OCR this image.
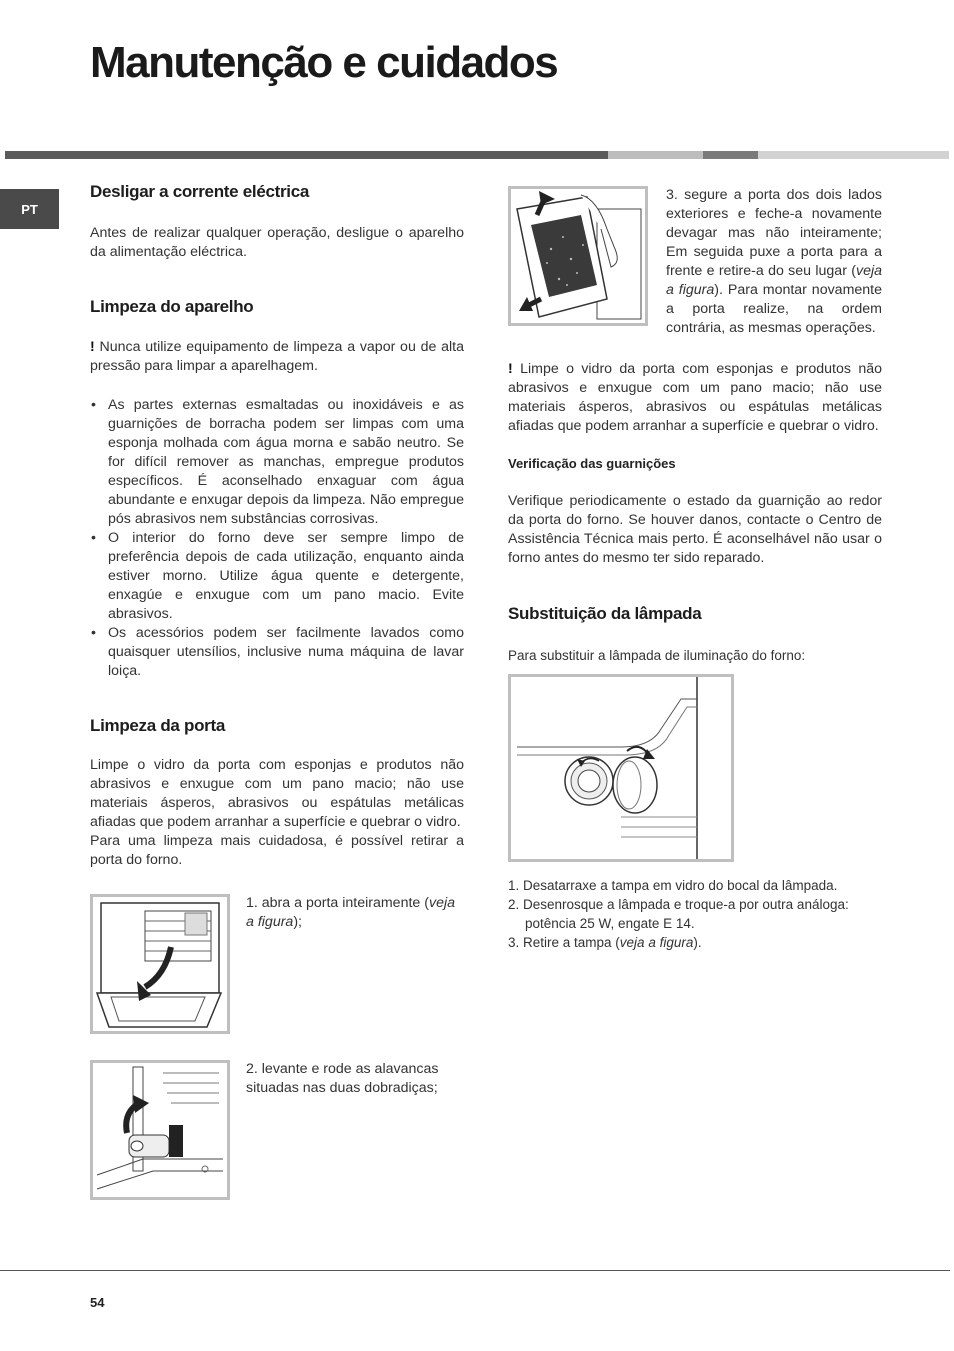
Manutenção e cuidados
PT
Desligar a corrente eléctrica

Antes de realizar qualquer operação, desligue o aparelho da alimentação eléctrica.

Limpeza do aparelho

! Nunca utilize equipamento de limpeza a vapor ou de alta pressão para limpar a aparelhagem.

• As partes externas esmaltadas ou inoxidáveis e as guarnições de borracha podem ser limpas com uma esponja molhada com água morna e sabão neutro. Se for difícil remover as manchas, empregue produtos específicos. É aconselhado enxaguar com água abundante e enxugar depois da limpeza. Não empregue pós abrasivos nem substâncias corrosivas.
• O interior do forno deve ser sempre limpo de preferência depois de cada utilização, enquanto ainda estiver morno. Utilize água quente e detergente, enxagúe e enxugue com um pano macio. Evite abrasivos.
• Os acessórios podem ser facilmente lavados como quaisquer utensílios, inclusive numa máquina de lavar loiça.
Limpeza da porta

Limpe o vidro da porta com esponjas e produtos não abrasivos e enxugue com um pano macio; não use materiais ásperos, abrasivos ou espátulas metálicas afiadas que podem arranhar a superfície e quebrar o vidro.

Para uma limpeza mais cuidadosa, é possível retirar a porta do forno.

1. abra a porta inteiramente (veja a figura);
2. levante e rode as alavancas situadas nas duas dobradiças;
3. segure a porta dos dois lados exteriores e feche-a novamente devagar mas não inteiramente; Em seguida puxe a porta para a frente e retire-a do seu lugar (veja a figura). Para montar novamente a porta realize, na ordem contrária, as mesmas operações.

! Limpe o vidro da porta com esponjas e produtos não abrasivos e enxugue com um pano macio; não use materiais ásperos, abrasivos ou espátulas metálicas afiadas que podem arranhar a superfície e quebrar o vidro.

Verificação das guarnições

Verifique periodicamente o estado da guarnição ao redor da porta do forno. Se houver danos, contacte o Centro de Assistência Técnica mais perto. É aconselhável não usar o forno antes do mesmo ter sido reparado.

Substituição da lâmpada

Para substituir a lâmpada de iluminação do forno:

1. Desatarraxe a tampa em vidro do bocal da lâmpada.
2. Desenrosque a lâmpada e troque-a por outra análoga: potência 25 W, engate E 14.
3. Retire a tampa (veja a figura).
54
